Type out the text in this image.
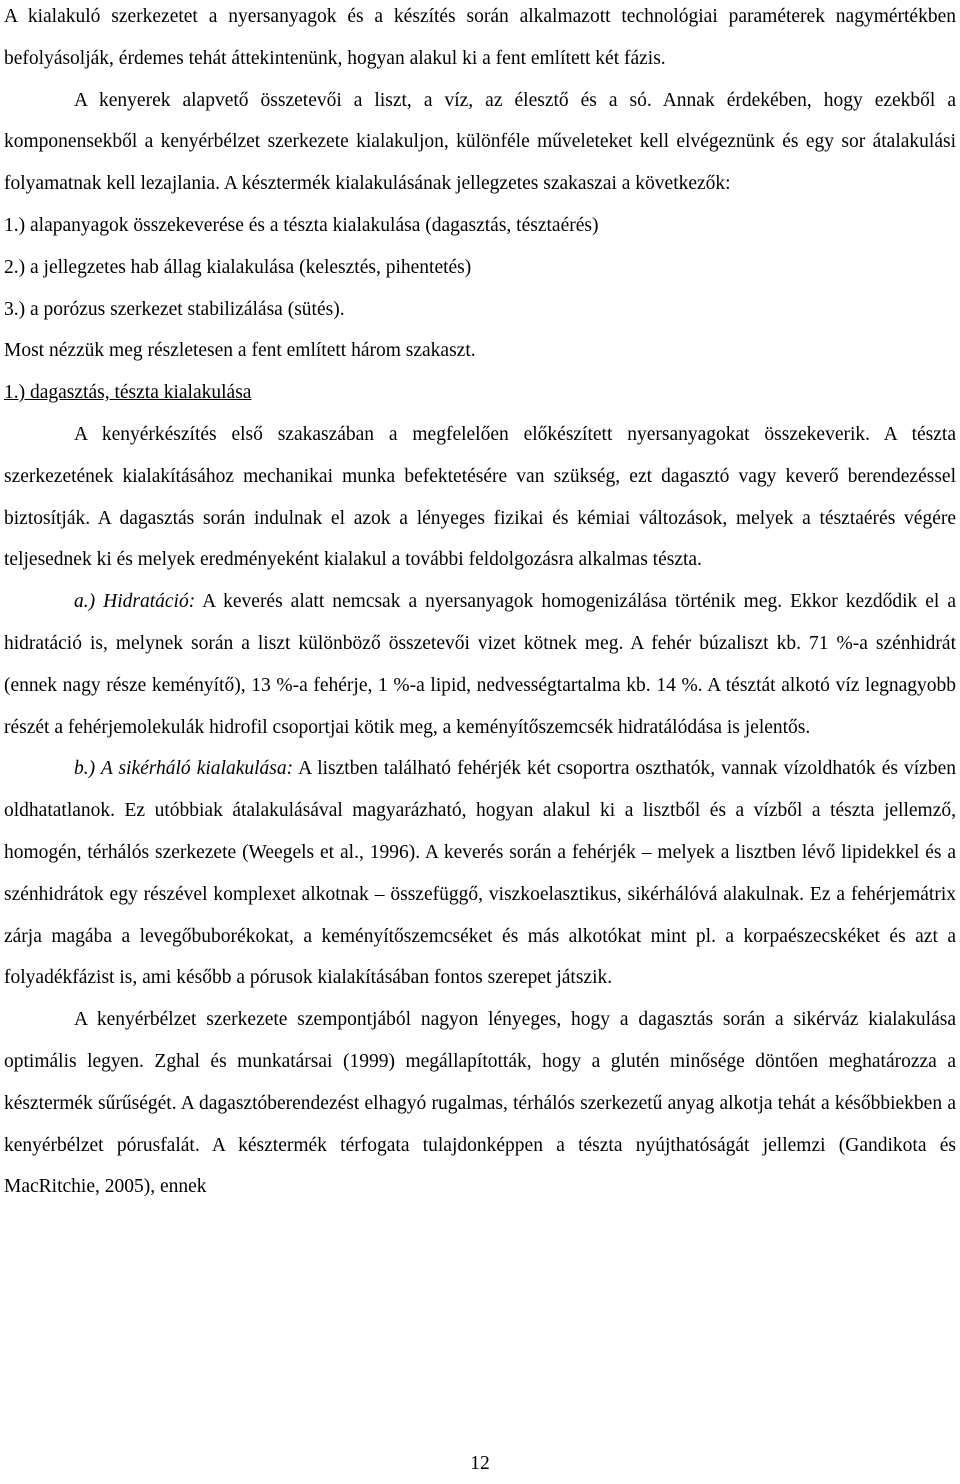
A kialakuló szerkezetet a nyersanyagok és a készítés során alkalmazott technológiai paraméterek nagymértékben befolyásolják, érdemes tehát áttekintenünk, hogyan alakul ki a fent említett két fázis.

A kenyerek alapvető összetevői a liszt, a víz, az élesztő és a só. Annak érdekében, hogy ezekből a komponensekből a kenyérbélzet szerkezete kialakuljon, különféle műveleteket kell elvégeznünk és egy sor átalakulási folyamatnak kell lezajlania. A késztermék kialakulásának jellegzetes szakaszai a következők:

1.) alapanyagok összekeverése és a tészta kialakulása (dagasztás, tésztaérés)

2.) a jellegzetes hab állag kialakulása (kelesztés, pihentetés)

3.) a porózus szerkezet stabilizálása (sütés).

Most nézzük meg részletesen a fent említett három szakaszt.

1.) dagasztás, tészta kialakulása

A kenyérkészítés első szakaszában a megfelelően előkészített nyersanyagokat összekeverik. A tészta szerkezetének kialakításához mechanikai munka befektetésére van szükség, ezt dagasztó vagy keverő berendezéssel biztosítják. A dagasztás során indulnak el azok a lényeges fizikai és kémiai változások, melyek a tésztaérés végére teljesednek ki és melyek eredményeként kialakul a további feldolgozásra alkalmas tészta.

a.) Hidratáció: A keverés alatt nemcsak a nyersanyagok homogenizálása történik meg. Ekkor kezdődik el a hidratáció is, melynek során a liszt különböző összetevői vizet kötnek meg. A fehér búzaliszt kb. 71 %-a szénhidrát (ennek nagy része keményítő), 13 %-a fehérje, 1 %-a lipid, nedvességtartalma kb. 14 %. A tésztát alkotó víz legnagyobb részét a fehérjemolekulák hidrofil csoportjai kötik meg, a keményítőszemcsék hidratálódása is jelentős.

b.) A sikérháló kialakulása: A lisztben található fehérjék két csoportra oszthatók, vannak vízoldhatók és vízben oldhatatlanok. Ez utóbbiak átalakulásával magyarázható, hogyan alakul ki a lisztből és a vízből a tészta jellemző, homogén, térhálós szerkezete (Weegels et al., 1996). A keverés során a fehérjék – melyek a lisztben lévő lipidekkel és a szénhidrátok egy részével komplexet alkotnak – összefüggő, viszkoelasztikus, sikérhálóvá alakulnak. Ez a fehérjemátrix zárja magába a levegőbuborékokat, a keményítőszemcséket és más alkotókat mint pl. a korpaészecskéket és azt a folyadékfázist is, ami később a pórusok kialakításában fontos szerepet játszik.

A kenyérbélzet szerkezete szempontjából nagyon lényeges, hogy a dagasztás során a sikérváz kialakulása optimális legyen. Zghal és munkatársai (1999) megállapították, hogy a glutén minősége döntően meghatározza a késztermék sűrűségét. A dagasztóberendezést elhagyó rugalmas, térhálós szerkezetű anyag alkotja tehát a későbbiekben a kenyérbélzet pórusfalát. A késztermék térfogata tulajdonképpen a tészta nyújthatóságát jellemzi (Gandikota és MacRitchie, 2005), ennek

12
